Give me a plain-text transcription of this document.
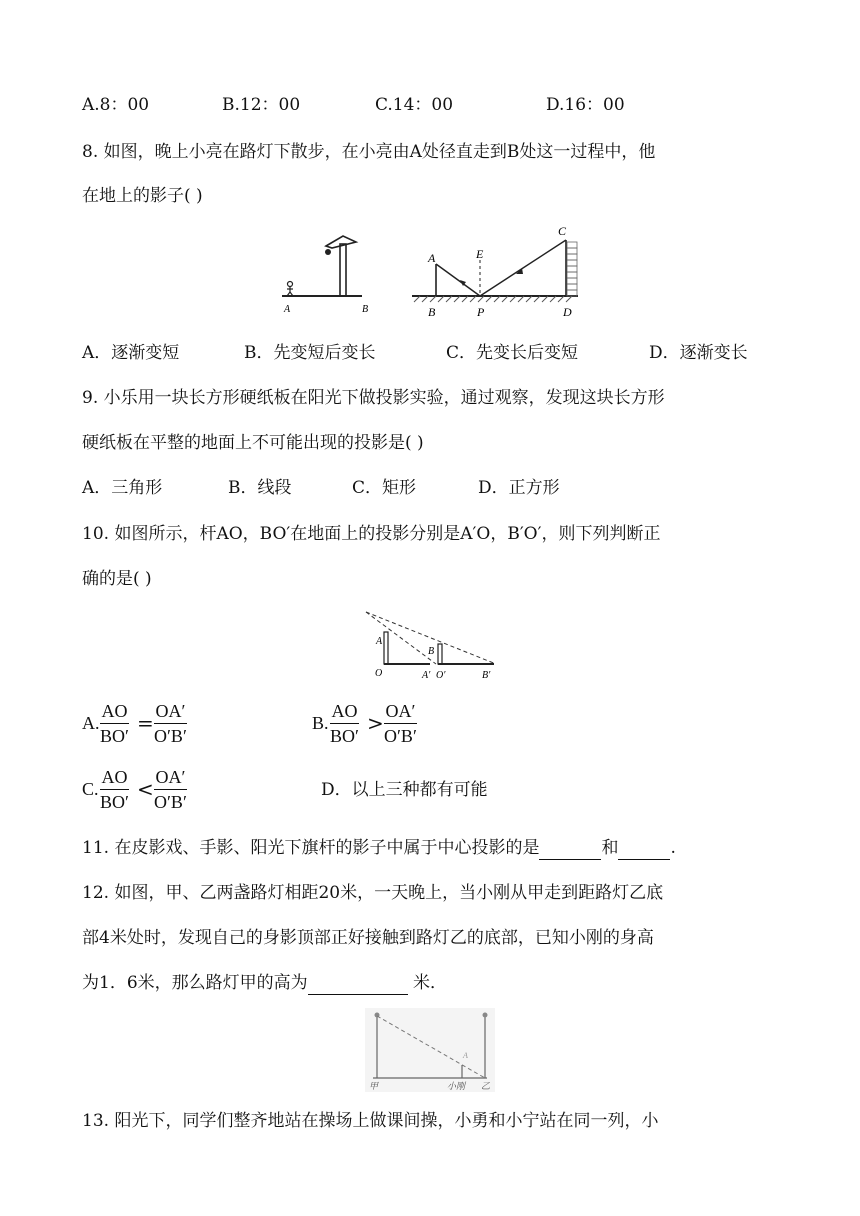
A.8：00	B.12：00	C.14：00	D.16：00
8. 如图，晚上小亮在路灯下散步，在小亮由A处径直走到B处这一过程中，他
在地上的影子( )
A	B
A
B
E
P
C
D
A．逐渐变短	B．先变短后变长	C．先变长后变短	D．逐渐变长
9. 小乐用一块长方形硬纸板在阳光下做投影实验，通过观察，发现这块长方形
硬纸板在平整的地面上不可能出现的投影是( )
A．三角形	B．线段	C．矩形	D．正方形
10. 如图所示，杆AO，BO′在地面上的投影分别是A′O，B′O′，则下列判断正
确的是( )
A
O	A′
B
O′	B′
A.
AO
BO′
= OA′
O′B′
B.
AO
BO′
> OA′
O′B′
C.
AO
BO′
< OA′
O′B′
D．以上三种都有可能
11. 在皮影戏、手影、阳光下旗杆的影子中属于中心投影的是	和	.
12. 如图，甲、乙两盏路灯相距20米，一天晚上，当小刚从甲走到距路灯乙底
部4米处时，发现自己的身影顶部正好接触到路灯乙的底部，已知小刚的身高
为1．6米，那么路灯甲的高为	米．
A
甲	小刚 乙
13. 阳光下，同学们整齐地站在操场上做课间操，小勇和小宁站在同一列，小
